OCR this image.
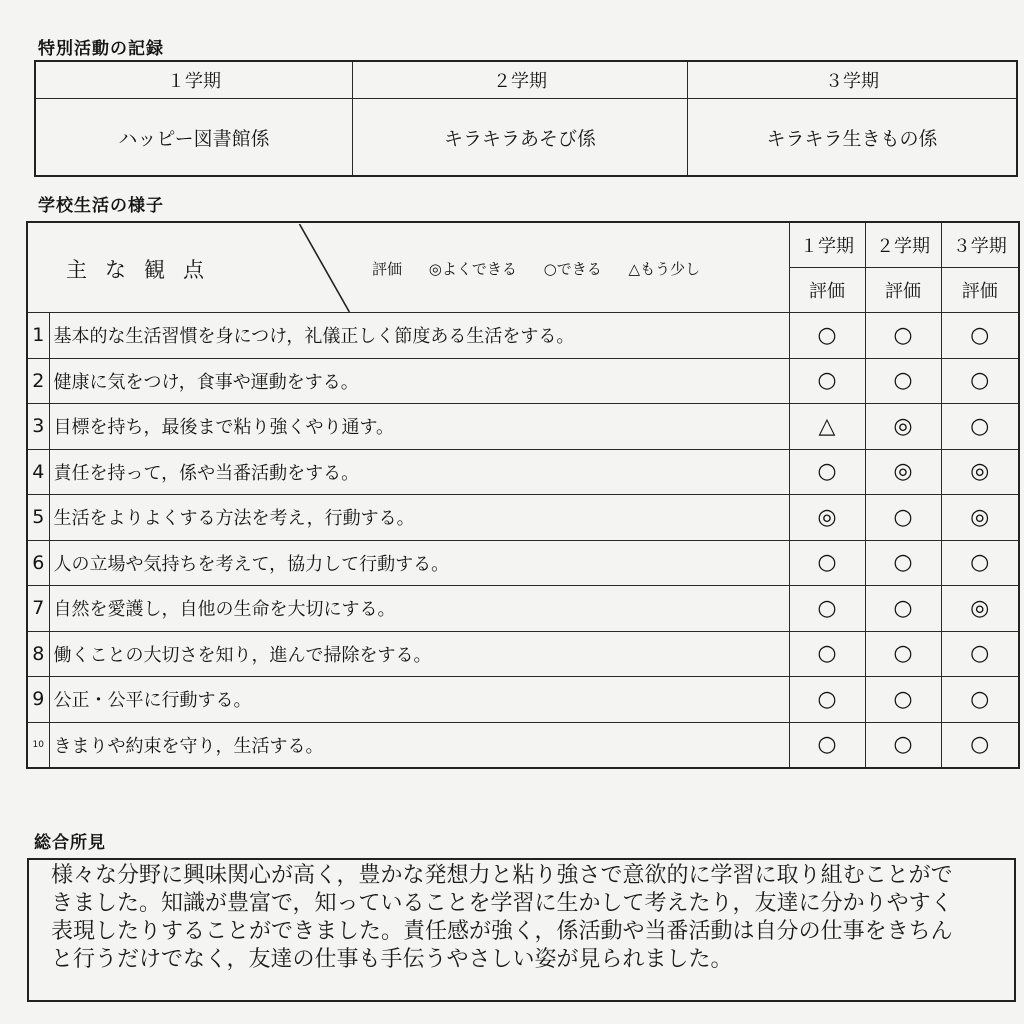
特別活動の記録
１学期	２学期	３学期
ハッピー図書館係	キラキラあそび係	キラキラ生きもの係
学校生活の様子
主な観点 評価 ◎よくできる ○できる △もう少し		１学期	２学期	３学期
		評価	評価	評価
1	基本的な生活習慣を身につけ，礼儀正しく節度ある生活をする。	○	○	○
2	健康に気をつけ，食事や運動をする。	○	○	○
3	目標を持ち，最後まで粘り強くやり通す。	△	◎	○
4	責任を持って，係や当番活動をする。	○	◎	◎
5	生活をよりよくする方法を考え，行動する。	◎	○	◎
6	人の立場や気持ちを考えて，協力して行動する。	○	○	○
7	自然を愛護し，自他の生命を大切にする。	○	○	◎
8	働くことの大切さを知り，進んで掃除をする。	○	○	○
9	公正・公平に行動する。	○	○	○
10	きまりや約束を守り，生活する。	○	○	○
総合所見
様々な分野に興味関心が高く，豊かな発想力と粘り強さで意欲的に学習に取り組むことができました。知識が豊富で，知っていることを学習に生かして考えたり，友達に分かりやすく表現したりすることができました。責任感が強く，係活動や当番活動は自分の仕事をきちんと行うだけでなく，友達の仕事も手伝うやさしい姿が見られました。
